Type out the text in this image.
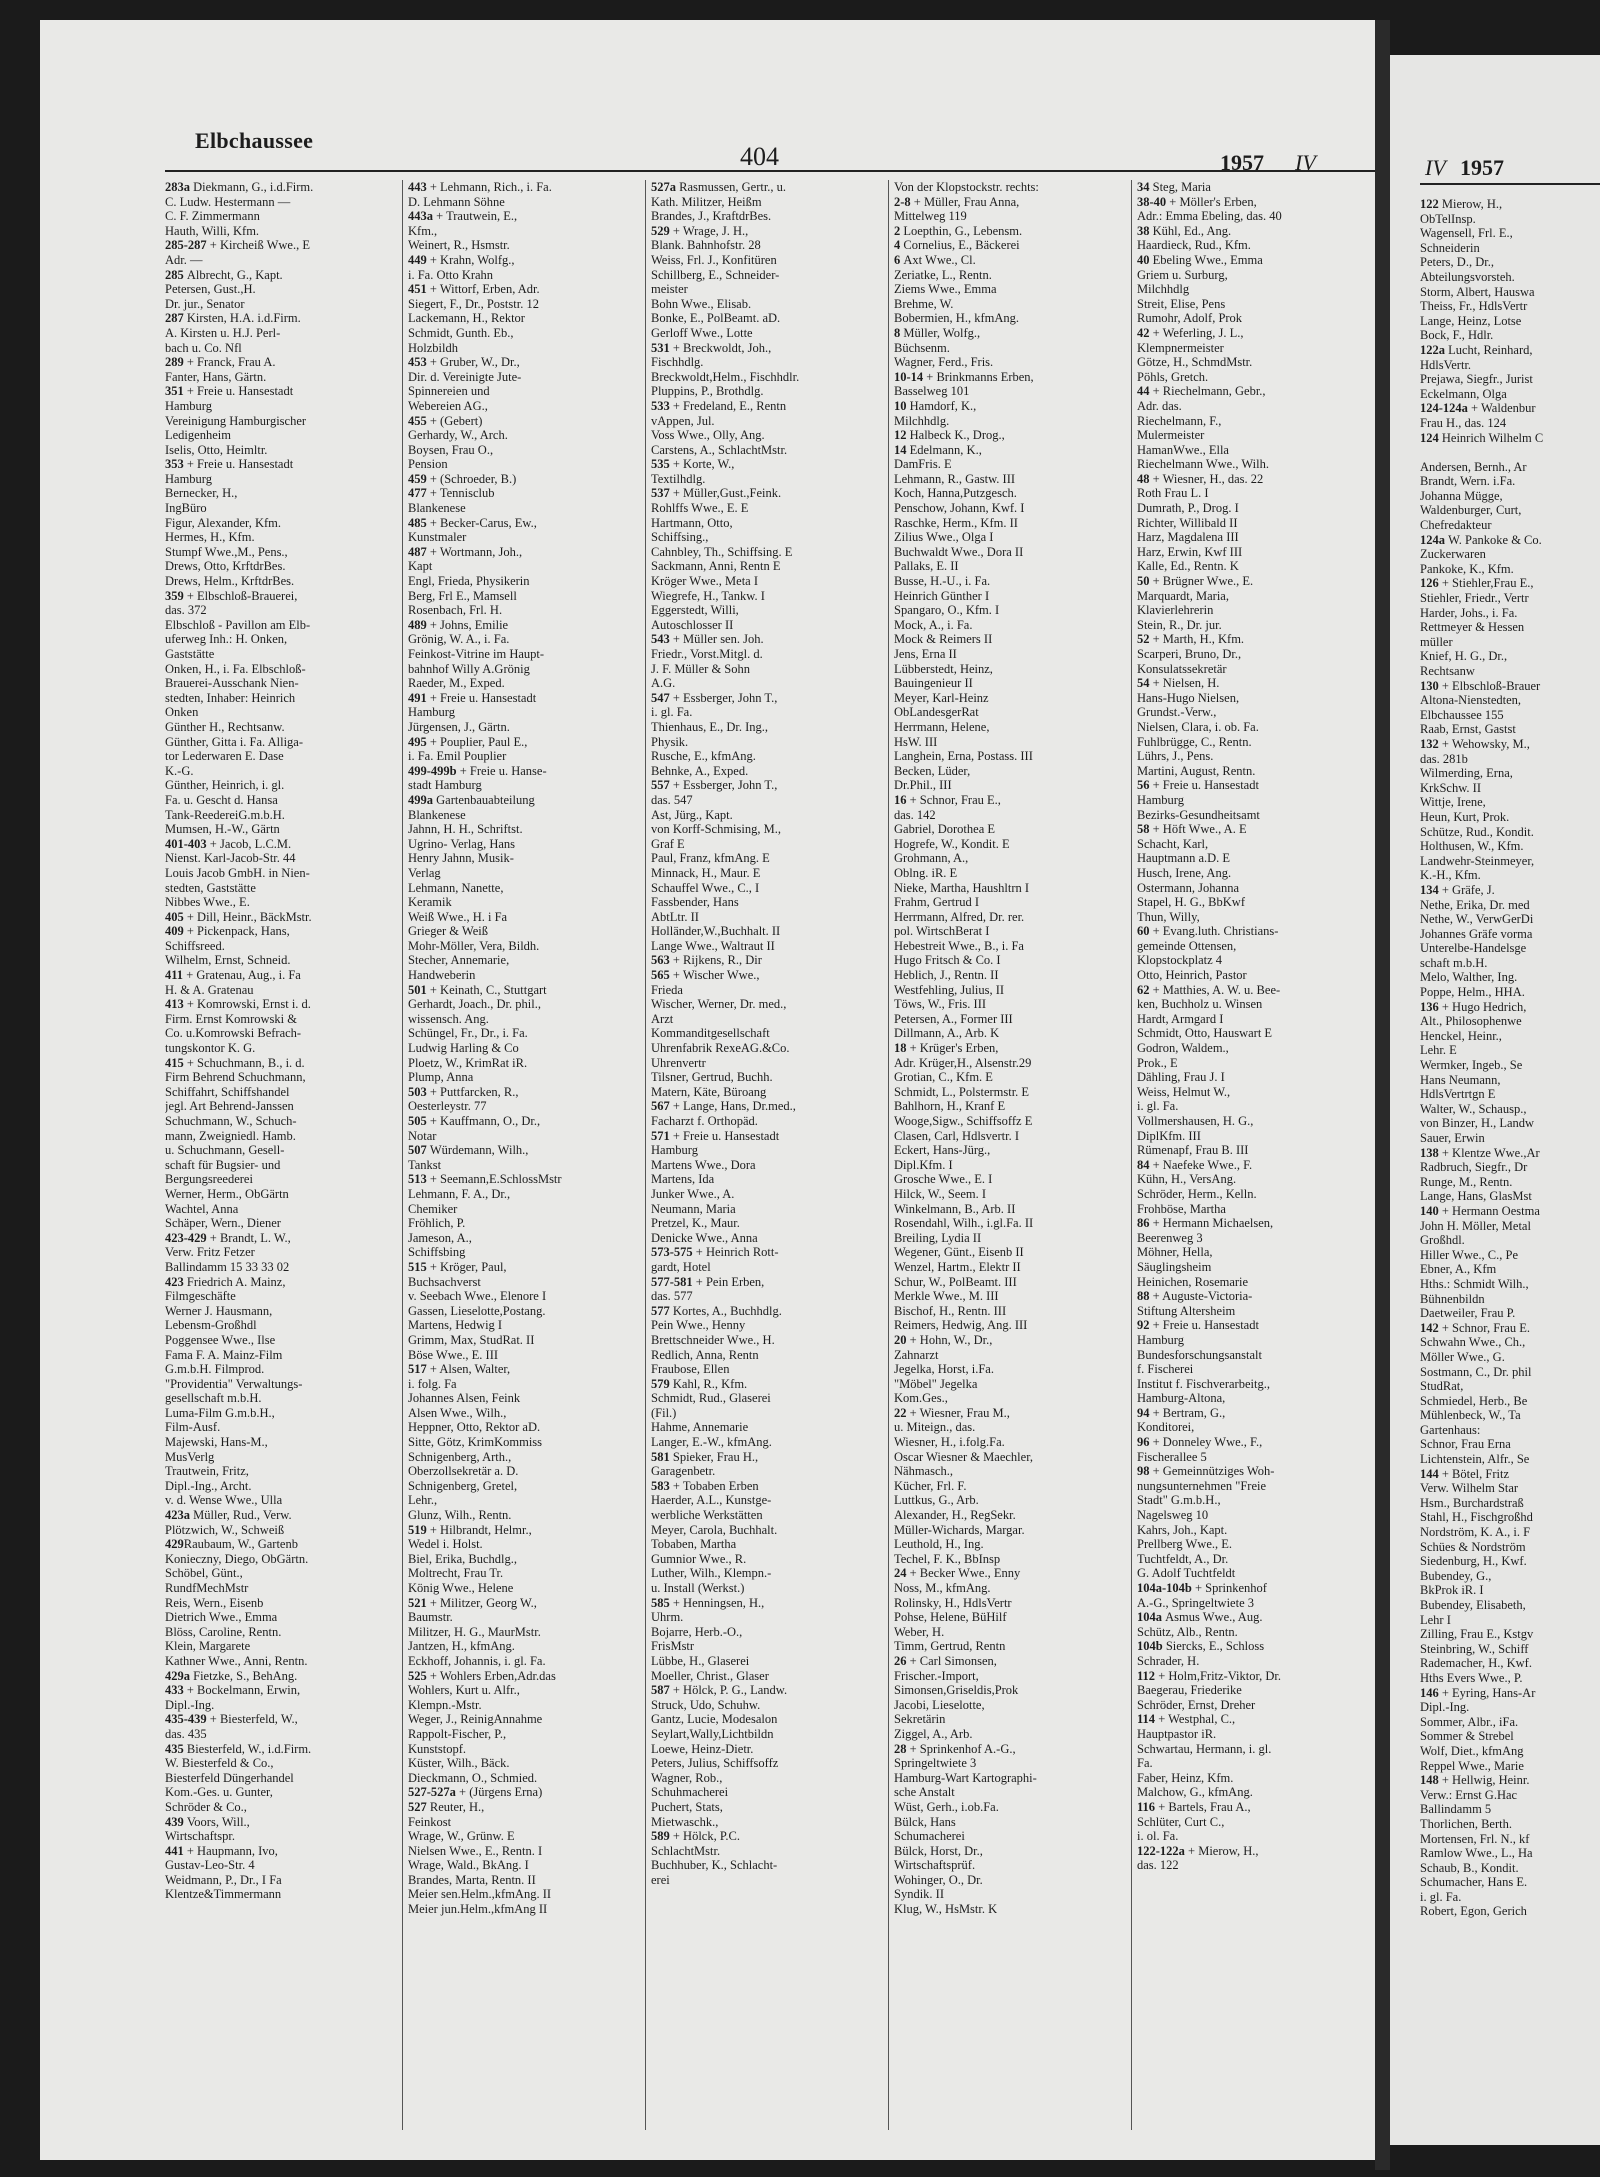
Elbchaussee
404	1957 IV
283a Diekmann, G., i.d.Firm.
C. Ludw. Hestermann —
C. F. Zimmermann
Hauth, Willi, Kfm.
285-287 + Kircheiß Wwe., E
Adr. —
285 Albrecht, G., Kapt.
Petersen, Gust.,H.
Dr. jur., Senator
287 Kirsten, H.A. i.d.Firm.
A. Kirsten u. H.J. Perl-
bach u. Co. Nfl
289 + Franck, Frau A.
Fanter, Hans, Gärtn.
351 + Freie u. Hansestadt
Hamburg
Vereinigung Hamburgischer
Ledigenheim
Iselis, Otto, Heimltr.
353 + Freie u. Hansestadt
Hamburg
Bernecker, H.,
IngBüro
Figur, Alexander, Kfm.
Hermes, H., Kfm.
Stumpf Wwe.,M., Pens.,
Drews, Otto, KrftdrBes.
Drews, Helm., KrftdrBes.
359 + Elbschloß-Brauerei,
das. 372
Elbschloß - Pavillon am Elb-
uferweg Inh.: H. Onken,
Gaststätte
Onken, H., i. Fa. Elbschloß-
Brauerei-Ausschank Nien-
stedten, Inhaber: Heinrich
Onken
Günther H., Rechtsanw.
Günther, Gitta i. Fa. Alliga-
tor Lederwaren E. Dase
K.-G.
Günther, Heinrich, i. gl.
Fa. u. Gescht d. Hansa
Tank-ReedereiG.m.b.H.
Mumsen, H.-W., Gärtn
401-403 + Jacob, L.C.M.
Nienst. Karl-Jacob-Str. 44
Louis Jacob GmbH. in Nien-
stedten, Gaststätte
Nibbes Wwe., E.
405 + Dill, Heinr., BäckMstr.
409 + Pickenpack, Hans,
Schiffsreed.
Wilhelm, Ernst, Schneid.
411 + Gratenau, Aug., i. Fa
H. & A. Gratenau
413 + Komrowski, Ernst i. d.
Firm. Ernst Komrowski &
Co. u.Komrowski Befrach-
tungskontor K. G.
415 + Schuchmann, B., i. d.
Firm Behrend Schuchmann,
Schiffahrt, Schiffshandel
jegl. Art Behrend-Janssen
Schuchmann, W., Schuch-
mann, Zweigniedl. Hamb.
u. Schuchmann, Gesell-
schaft für Bugsier- und
Bergungsreederei
Werner, Herm., ObGärtn
Wachtel, Anna
Schäper, Wern., Diener
423-429 + Brandt, L. W.,
Verw. Fritz Fetzer
Ballindamm 15 33 33 02
423 Friedrich A. Mainz,
Filmgeschäfte
Werner J. Hausmann,
Lebensm-Großhdl
Poggensee Wwe., Ilse
Fama F. A. Mainz-Film
G.m.b.H. Filmprod.
"Providentia" Verwaltungs-
gesellschaft m.b.H.
Luma-Film G.m.b.H.,
Film-Ausf.
Majewski, Hans-M.,
MusVerlg
Trautwein, Fritz,
Dipl.-Ing., Archt.
v. d. Wense Wwe., Ulla
423a Müller, Rud., Verw.
Plötzwich, W., Schweiß
429Raubaum, W., Gartenb
Konieczny, Diego, ObGärtn.
Schöbel, Günt.,
RundfMechMstr
Reis, Wern., Eisenb
Dietrich Wwe., Emma
Blöss, Caroline, Rentn.
Klein, Margarete
Kathner Wwe., Anni, Rentn.
429a Fietzke, S., BehAng.
433 + Bockelmann, Erwin,
Dipl.-Ing.
435-439 + Biesterfeld, W.,
das. 435
435 Biesterfeld, W., i.d.Firm.
W. Biesterfeld & Co.,
Biesterfeld Düngerhandel
Kom.-Ges. u. Gunter,
Schröder & Co.,
439 Voors, Will.,
Wirtschaftspr.
441 + Haupmann, Ivo,
Gustav-Leo-Str. 4
Weidmann, P., Dr., I Fa
Klentze&Timmermann
443 + Lehmann, Rich., i. Fa.
D. Lehmann Söhne
443a + Trautwein, E.,
Kfm.,
Weinert, R., Hsmstr.
449 + Krahn, Wolfg.,
i. Fa. Otto Krahn
451 + Wittorf, Erben, Adr.
Siegert, F., Dr., Poststr. 12
Lackemann, H., Rektor
Schmidt, Gunth. Eb.,
Holzbildh
453 + Gruber, W., Dr.,
Dir. d. Vereinigte Jute-
Spinnereien und
Webereien AG.,
455 + (Gebert)
Gerhardy, W., Arch.
Boysen, Frau O.,
Pension
459 + (Schroeder, B.)
477 + Tennisclub
Blankenese
485 + Becker-Carus, Ew.,
Kunstmaler
487 + Wortmann, Joh.,
Kapt
Engl, Frieda, Physikerin
Berg, Frl E., Mamsell
Rosenbach, Frl. H.
489 + Johns, Emilie
Grönig, W. A., i. Fa.
Feinkost-Vitrine im Haupt-
bahnhof Willy A.Grönig
Raeder, M., Exped.
491 + Freie u. Hansestadt
Hamburg
Jürgensen, J., Gärtn.
495 + Pouplier, Paul E.,
i. Fa. Emil Pouplier
499-499b + Freie u. Hanse-
stadt Hamburg
499a Gartenbauabteilung
Blankenese
Jahnn, H. H., Schriftst.
Ugrino- Verlag, Hans
Henry Jahnn, Musik-
Verlag
Lehmann, Nanette,
Keramik
Weiß Wwe., H. i Fa
Grieger & Weiß
Mohr-Möller, Vera, Bildh.
Stecher, Annemarie,
Handweberin
501 + Keinath, C., Stuttgart
Gerhardt, Joach., Dr. phil.,
wissensch. Ang.
Schüngel, Fr., Dr., i. Fa.
Ludwig Harling & Co
Ploetz, W., KrimRat iR.
Plump, Anna
503 + Puttfarcken, R.,
Oesterleystr. 77
505 + Kauffmann, O., Dr.,
Notar
507 Würdemann, Wilh.,
Tankst
513 + Seemann,E.SchlossMstr
Lehmann, F. A., Dr.,
Chemiker
Fröhlich, P.
Jameson, A.,
Schiffsbing
515 + Kröger, Paul,
Buchsachverst
v. Seebach Wwe., Elenore I
Gassen, Lieselotte,Postang.
Martens, Hedwig I
Grimm, Max, StudRat. II
Böse Wwe., E. III
517 + Alsen, Walter,
i. folg. Fa
Johannes Alsen, Feink
Alsen Wwe., Wilh.,
Heppner, Otto, Rektor aD.
Sitte, Götz, KrimKommiss
Schnigenberg, Arth.,
Oberzollsekretär a. D.
Schnigenberg, Gretel,
Lehr.,
Glunz, Wilh., Rentn.
519 + Hilbrandt, Helmr.,
Wedel i. Holst.
Biel, Erika, Buchdlg.,
Moltrecht, Frau Tr.
König Wwe., Helene
521 + Militzer, Georg W.,
Baumstr.
Militzer, H. G., MaurMstr.
Jantzen, H., kfmAng.
Eckhoff, Johannis, i. gl. Fa.
525 + Wohlers Erben,Adr.das
Wohlers, Kurt u. Alfr.,
Klempn.-Mstr.
Weger, J., ReinigAnnahme
Rappolt-Fischer, P.,
Kunststopf.
Küster, Wilh., Bäck.
Dieckmann, O., Schmied.
527-527a + (Jürgens Erna)
527 Reuter, H.,
Feinkost
Wrage, W., Grünw. E
Nielsen Wwe., E., Rentn. I
Wrage, Wald., BkAng. I
Brandes, Marta, Rentn. II
Meier sen.Helm.,kfmAng. II
Meier jun.Helm.,kfmAng II
527a Rasmussen, Gertr., u.
Kath. Militzer, Heißm
Brandes, J., KraftdrBes.
529 + Wrage, J. H.,
Blank. Bahnhofstr. 28
Weiss, Frl. J., Konfitüren
Schillberg, E., Schneider-
meister
Bohn Wwe., Elisab.
Bonke, E., PolBeamt. aD.
Gerloff Wwe., Lotte
531 + Breckwoldt, Joh.,
Fischhdlg.
Breckwoldt,Helm., Fischhdlr.
Pluppins, P., Brothdlg.
533 + Fredeland, E., Rentn
vAppen, Jul.
Voss Wwe., Olly, Ang.
Carstens, A., SchlachtMstr.
535 + Korte, W.,
Textilhdlg.
537 + Müller,Gust.,Feink.
Rohlffs Wwe., E. E
Hartmann, Otto,
Schiffsing.,
Cahnbley, Th., Schiffsing. E
Sackmann, Anni, Rentn E
Kröger Wwe., Meta I
Wiegrefe, H., Tankw. I
Eggerstedt, Willi,
Autoschlosser II
543 + Müller sen. Joh.
Friedr., Vorst.Mitgl. d.
J. F. Müller & Sohn
A.G.
547 + Essberger, John T.,
i. gl. Fa.
Thienhaus, E., Dr. Ing.,
Physik.
Rusche, E., kfmAng.
Behnke, A., Exped.
557 + Essberger, John T.,
das. 547
Ast, Jürg., Kapt.
von Korff-Schmising, M.,
Graf E
Paul, Franz, kfmAng. E
Minnack, H., Maur. E
Schauffel Wwe., C., I
Fassbender, Hans
AbtLtr. II
Holländer,W.,Buchhalt. II
Lange Wwe., Waltraut II
563 + Rijkens, R., Dir
565 + Wischer Wwe.,
Frieda
Wischer, Werner, Dr. med.,
Arzt
Kommanditgesellschaft
Uhrenfabrik RexeAG.&Co.
Uhrenvertr
Tilsner, Gertrud, Buchh.
Matern, Käte, Büroang
567 + Lange, Hans, Dr.med.,
Facharzt f. Orthopäd.
571 + Freie u. Hansestadt
Hamburg
Martens Wwe., Dora
Martens, Ida
Junker Wwe., A.
Neumann, Maria
Pretzel, K., Maur.
Denicke Wwe., Anna
573-575 + Heinrich Rott-
gardt, Hotel
577-581 + Pein Erben,
das. 577
577 Kortes, A., Buchhdlg.
Pein Wwe., Henny
Brettschneider Wwe., H.
Redlich, Anna, Rentn
Fraubose, Ellen
579 Kahl, R., Kfm.
Schmidt, Rud., Glaserei
(Fil.)
Hahme, Annemarie
Langer, E.-W., kfmAng.
581 Spieker, Frau H.,
Garagenbetr.
583 + Tobaben Erben
Haerder, A.L., Kunstge-
werbliche Werkstätten
Meyer, Carola, Buchhalt.
Tobaben, Martha
Gumnior Wwe., R.
Luther, Wilh., Klempn.-
u. Install (Werkst.)
585 + Henningsen, H.,
Uhrm.
Bojarre, Herb.-O.,
FrisMstr
Lübbe, H., Glaserei
Moeller, Christ., Glaser
587 + Hölck, P. G., Landw.
Struck, Udo, Schuhw.
Gantz, Lucie, Modesalon
Seylart,Wally,Lichtbildn
Loewe, Heinz-Dietr.
Peters, Julius, Schiffsoffz
Wagner, Rob.,
Schuhmacherei
Puchert, Stats,
Mietwaschk.,
589 + Hölck, P.C.
SchlachtMstr.
Buchhuber, K., Schlacht-
erei
Von der Klopstockstr. rechts:
2-8 + Müller, Frau Anna,
Mittelweg 119
2 Loepthin, G., Lebensm.
4 Cornelius, E., Bäckerei
6 Axt Wwe., Cl.
Zeriatke, L., Rentn.
Ziems Wwe., Emma
Brehme, W.
Bobermien, H., kfmAng.
8 Müller, Wolfg.,
Büchsenm.
Wagner, Ferd., Fris.
10-14 + Brinkmanns Erben,
Basselweg 101
10 Hamdorf, K.,
Milchhdlg.
12 Halbeck K., Drog.,
14 Edelmann, K.,
DamFris. E
Lehmann, R., Gastw. III
Koch, Hanna,Putzgesch.
Penschow, Johann, Kwf. I
Raschke, Herm., Kfm. II
Zilius Wwe., Olga I
Buchwaldt Wwe., Dora II
Pallaks, E. II
Busse, H.-U., i. Fa.
Heinrich Günther I
Spangaro, O., Kfm. I
Mock, A., i. Fa.
Mock & Reimers II
Jens, Erna II
Lübberstedt, Heinz,
Bauingenieur II
Meyer, Karl-Heinz
ObLandesgerRat
Herrmann, Helene,
HsW. III
Langhein, Erna, Postass. III
Becken, Lüder,
Dr.Phil., III
16 + Schnor, Frau E.,
das. 142
Gabriel, Dorothea E
Hogrefe, W., Kondit. E
Grohmann, A.,
Oblng. iR. E
Nieke, Martha, Haushltrn I
Frahm, Gertrud I
Herrmann, Alfred, Dr. rer.
pol. WirtschBerat I
Hebestreit Wwe., B., i. Fa
Hugo Fritsch & Co. I
Heblich, J., Rentn. II
Westfehling, Julius, II
Töws, W., Fris. III
Petersen, A., Former III
Dillmann, A., Arb. K
18 + Krüger's Erben,
Adr. Krüger,H., Alsenstr.29
Grotian, C., Kfm. E
Schmidt, L., Polstermstr. E
Bahlhorn, H., Kranf E
Wooge,Sigw., Schiffsoffz E
Clasen, Carl, Hdlsvertr. I
Eckert, Hans-Jürg.,
Dipl.Kfm. I
Grosche Wwe., E. I
Hilck, W., Seem. I
Winkelmann, B., Arb. II
Rosendahl, Wilh., i.gl.Fa. II
Breiling, Lydia II
Wegener, Günt., Eisenb II
Wenzel, Hartm., Elektr II
Schur, W., PolBeamt. III
Merkle Wwe., M. III
Bischof, H., Rentn. III
Reimers, Hedwig, Ang. III
20 + Hohn, W., Dr.,
Zahnarzt
Jegelka, Horst, i.Fa.
"Möbel" Jegelka
Kom.Ges.,
22 + Wiesner, Frau M.,
u. Miteign., das.
Wiesner, H., i.folg.Fa.
Oscar Wiesner & Maechler,
Nähmasch.,
Kücher, Frl. F.
Luttkus, G., Arb.
Alexander, H., RegSekr.
Müller-Wichards, Margar.
Leuthold, H., Ing.
Techel, F. K., BbInsp
24 + Becker Wwe., Enny
Noss, M., kfmAng.
Rolinsky, H., HdlsVertr
Pohse, Helene, BüHilf
Weber, H.
Timm, Gertrud, Rentn
26 + Carl Simonsen,
Frischer.-Import,
Simonsen,Griseldis,Prok
Jacobi, Lieselotte,
Sekretärin
Ziggel, A., Arb.
28 + Sprinkenhof A.-G.,
Springeltwiete 3
Hamburg-Wart Kartographi-
sche Anstalt
Wüst, Gerh., i.ob.Fa.
Bülck, Hans
Schumacherei
Bülck, Horst, Dr.,
Wirtschaftsprüf.
Wohinger, O., Dr.
Syndik. II
Klug, W., HsMstr. K
34 Steg, Maria
38-40 + Möller's Erben,
Adr.: Emma Ebeling, das. 40
38 Kühl, Ed., Ang.
Haardieck, Rud., Kfm.
40 Ebeling Wwe., Emma
Griem u. Surburg,
Milchhdlg
Streit, Elise, Pens
Rumohr, Adolf, Prok
42 + Weferling, J. L.,
Klempnermeister
Götze, H., SchmdMstr.
Pöhls, Gretch.
44 + Riechelmann, Gebr.,
Adr. das.
Riechelmann, F.,
Mulermeister
HamanWwe., Ella
Riechelmann Wwe., Wilh.
48 + Wiesner, H., das. 22
Roth Frau L. I
Dumrath, P., Drog. I
Richter, Willibald II
Harz, Magdalena III
Harz, Erwin, Kwf III
Kalle, Ed., Rentn. K
50 + Brügner Wwe., E.
Marquardt, Maria,
Klavierlehrerin
Stein, R., Dr. jur.
52 + Marth, H., Kfm.
Scarperi, Bruno, Dr.,
Konsulatssekretär
54 + Nielsen, H.
Hans-Hugo Nielsen,
Grundst.-Verw.,
Nielsen, Clara, i. ob. Fa.
Fuhlbrügge, C., Rentn.
Lührs, J., Pens.
Martini, August, Rentn.
56 + Freie u. Hansestadt
Hamburg
Bezirks-Gesundheitsamt
58 + Höft Wwe., A. E
Schacht, Karl,
Hauptmann a.D. E
Husch, Irene, Ang.
Ostermann, Johanna
Stapel, H. G., BbKwf
Thun, Willy,
60 + Evang.luth. Christians-
gemeinde Ottensen,
Klopstockplatz 4
Otto, Heinrich, Pastor
62 + Matthies, A. W. u. Bee-
ken, Buchholz u. Winsen
Hardt, Armgard I
Schmidt, Otto, Hauswart E
Godron, Waldem.,
Prok., E
Dähling, Frau J. I
Weiss, Helmut W.,
i. gl. Fa.
Vollmershausen, H. G.,
DiplKfm. III
Rümenapf, Frau B. III
84 + Naefeke Wwe., F.
Kühn, H., VersAng.
Schröder, Herm., Kelln.
Frohböse, Martha
86 + Hermann Michaelsen,
Beerenweg 3
Möhner, Hella,
Säuglingsheim
Heinichen, Rosemarie
88 + Auguste-Victoria-
Stiftung Altersheim
92 + Freie u. Hansestadt
Hamburg
Bundesforschungsanstalt
f. Fischerei
Institut f. Fischverarbeitg.,
Hamburg-Altona,
94 + Bertram, G.,
Konditorei,
96 + Donneley Wwe., F.,
Fischerallee 5
98 + Gemeinnütziges Woh-
nungsunternehmen "Freie
Stadt" G.m.b.H.,
Nagelsweg 10
Kahrs, Joh., Kapt.
Prellberg Wwe., E.
Tuchtfeldt, A., Dr.
G. Adolf Tuchtfeldt
104a-104b + Sprinkenhof
A.-G., Springeltwiete 3
104a Asmus Wwe., Aug.
Schütz, Alb., Rentn.
104b Siercks, E., Schloss
Schrader, H.
112 + Holm,Fritz-Viktor, Dr.
Baegerau, Friederike
Schröder, Ernst, Dreher
114 + Westphal, C.,
Hauptpastor iR.
Schwartau, Hermann, i. gl.
Fa.
Faber, Heinz, Kfm.
Malchow, G., kfmAng.
116 + Bartels, Frau A.,
Schlüter, Curt C.,
i. ol. Fa.
122-122a + Mierow, H.,
das. 122
IV 1957
122 Mierow, H.,
ObTelInsp.
Wagensell, Frl. E.,
Schneiderin
Peters, D., Dr.,
Abteilungsvorsteh.
Storm, Albert, Hauswa
Theiss, Fr., HdlsVertr
Lange, Heinz, Lotse
Bock, F., Hdlr.
122a Lucht, Reinhard,
HdlsVertr.
Prejawa, Siegfr., Jurist
Eckelmann, Olga
124-124a + Waldenbur
Frau H., das. 124
124 Heinrich Wilhelm C

Andersen, Bernh., Ar
Brandt, Wern. i.Fa.
Johanna Mügge,
Waldenburger, Curt,
Chefredakteur
124a W. Pankoke & Co.
Zuckerwaren
Pankoke, K., Kfm.
126 + Stiehler,Frau E.,
Stiehler, Friedr., Vertr
Harder, Johs., i. Fa.
Rettmeyer & Hessen
müller
Knief, H. G., Dr.,
Rechtsanw
130 + Elbschloß-Brauer
Altona-Nienstedten,
Elbchaussee 155
Raab, Ernst, Gastst
132 + Wehowsky, M.,
das. 281b
Wilmerding, Erna,
KrkSchw. II
Wittje, Irene,
Heun, Kurt, Prok.
Schütze, Rud., Kondit.
Holthusen, W., Kfm.
Landwehr-Steinmeyer,
K.-H., Kfm.
134 + Gräfe, J.
Nethe, Erika, Dr. med
Nethe, W., VerwGerDi
Johannes Gräfe vorma
Unterelbe-Handelsge
schaft m.b.H.
Melo, Walther, Ing.
Poppe, Helm., HHA.
136 + Hugo Hedrich,
Alt., Philosophenwe
Henckel, Heinr.,
Lehr. E
Wermker, Ingeb., Se
Hans Neumann,
HdlsVertrtgn E
Walter, W., Schausp.,
von Binzer, H., Landw
Sauer, Erwin
138 + Klentze Wwe.,Ar
Radbruch, Siegfr., Dr
Runge, M., Rentn.
Lange, Hans, GlasMst
140 + Hermann Oestma
John H. Möller, Metal
Großhdl.
Hiller Wwe., C., Pe
Ebner, A., Kfm
Hths.: Schmidt Wilh.,
Bühnenbildn
Daetweiler, Frau P.
142 + Schnor, Frau E.
Schwahn Wwe., Ch.,
Möller Wwe., G.
Sostmann, C., Dr. phil
StudRat,
Schmiedel, Herb., Be
Mühlenbeck, W., Ta
Gartenhaus:
Schnor, Frau Erna
Lichtenstein, Alfr., Se
144 + Bötel, Fritz
Verw. Wilhelm Star
Hsm., Burchardstraß
Stahl, H., Fischgroßhd
Nordström, K. A., i. F
Schües & Nordström
Siedenburg, H., Kwf.
Bubendey, G.,
BkProk iR. I
Bubendey, Elisabeth,
Lehr I
Zilling, Frau E., Kstgv
Steinbring, W., Schiff
Rademacher, H., Kwf.
Hths Evers Wwe., P.
146 + Eyring, Hans-Ar
Dipl.-Ing.
Sommer, Albr., iFa.
Sommer & Strebel
Wolf, Diet., kfmAng
Reppel Wwe., Marie
148 + Hellwig, Heinr.
Verw.: Ernst G.Hac
Ballindamm 5
Thorlichen, Berth.
Mortensen, Frl. N., kf
Ramlow Wwe., L., Ha
Schaub, B., Kondit.
Schumacher, Hans E.
i. gl. Fa.
Robert, Egon, Gerich
